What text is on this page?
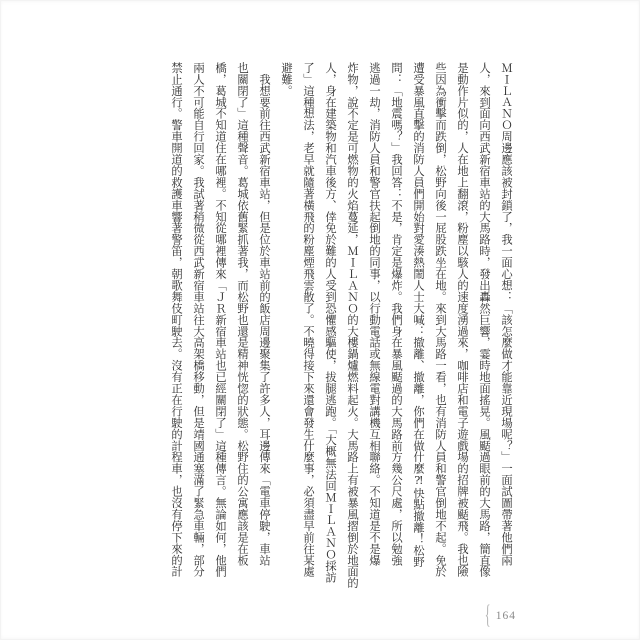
ＭＩＬＡＮＯ周邊應該被封鎖了，我一面心想：「該怎麼做才能靠近現場呢？」一面試圖帶著他們兩
人，來到面向西武新宿車站的大馬路時，發出轟然巨響，霎時地面搖晃。風颳過眼前的大馬路，簡直像
是動作片似的，人在地上翻滾，粉塵以駭人的速度湧過來，咖啡店和電子遊戲場的招牌被颳飛。我也險
些因為衝擊而跌倒，松野向後一屁股跌坐在地。來到大馬路一看，也有消防人員和警官倒地不起。免於
遭受暴風直擊的消防人員們開始對愛湊熱鬧人士大喊：撤離、撤離，你們在做什麼⁈快點撤離！松野
問：「地震嗎？」我回答：不是，肯定是爆炸。我們身在暴風颳過的大馬路前方幾公尺處，所以勉強
逃過一劫，消防人員和警官扶起倒地的同事，以行動電話或無線電對講機互相聯絡。不知道是不是爆
炸物，說不定是可燃物的火焰蔓延，ＭＩＬＡＮＯ的大樓鍋爐燃料起火。大馬路上有被暴風摺倒於地面的
人，身在建築物和汽車後方、倖免於難的人受到恐懼感驅使，拔腿逃跑。「大概無法回ＭＩＬＡＮＯ採訪
了」這種想法，老早就隨著橫飛的粉塵煙飛雲散了。不曉得接下來還會發生什麼事，必須盡早前往某處
避難。
　我想要前往西武新宿車站，但是位於車站前的飯店周邊聚集了許多人，耳邊傳來「電車停駛，車站
也關閉了」這種聲音。葛城依舊緊抓著我，而松野也還是精神恍惚的狀態。松野住的公寓應該是在板
橋，葛城不知道住在哪裡。不知從哪裡傳來「ＪＲ新宿車站也已經關閉了」這種傳言。無論如何，他們
兩人不可能自行回家。我試著稍微從西武新宿車站往大高架橋移動，但是靖國通塞滿了緊急車輛，部分
禁止通行。警車開道的救護車響著警笛，朝歌舞伎町駛去。沒有正在行駛的計程車，也沒有停下來的計
{ 164
